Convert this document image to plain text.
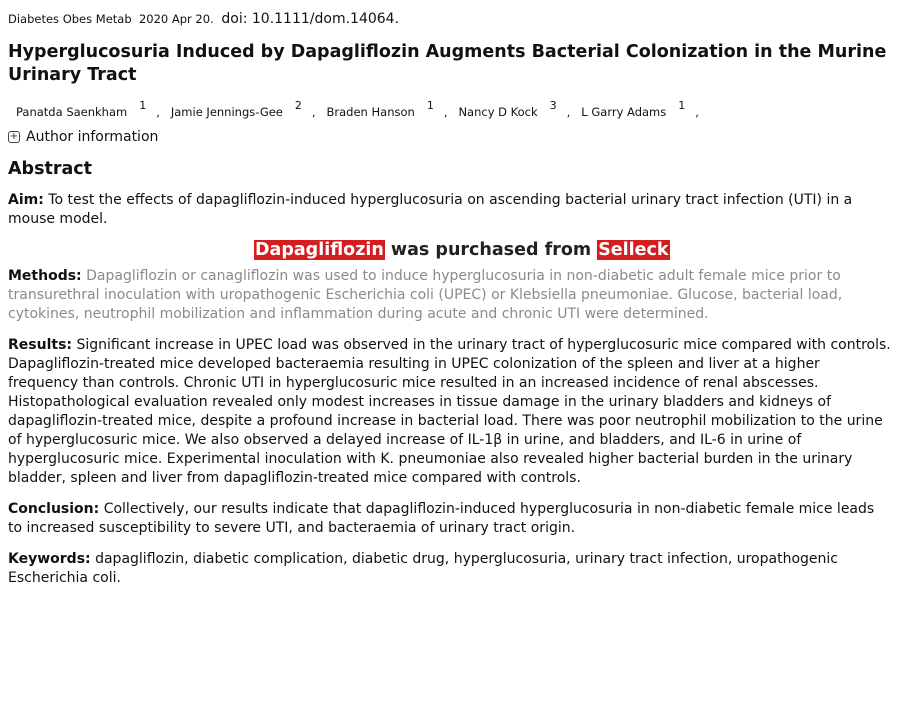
Diabetes Obes Metab 2020 Apr 20. doi: 10.1111/dom.14064.
Hyperglucosuria Induced by Dapagliflozin Augments Bacterial Colonization in the Murine Urinary Tract
Panatda Saenkham $^1$ ,   Jamie Jennings-Gee $^2$ ,   Braden Hanson $^1$ ,   Nancy D Kock $^3$ ,   L Garry Adams $^1$ ,
+ Author information
Abstract

Aim: To test the effects of dapagliflozin-induced hyperglucosuria on ascending bacterial urinary tract infection (UTI) in a mouse model.

Dapagliflozin was purchased from Selleck

Methods: Dapagliflozin or canagliflozin was used to induce hyperglucosuria in non-diabetic adult female mice prior to transurethral inoculation with uropathogenic Escherichia coli (UPEC) or Klebsiella pneumoniae. Glucose, bacterial load, cytokines, neutrophil mobilization and inflammation during acute and chronic UTI were determined.

Results: Significant increase in UPEC load was observed in the urinary tract of hyperglucosuric mice compared with controls. Dapagliflozin-treated mice developed bacteraemia resulting in UPEC colonization of the spleen and liver at a higher frequency than controls. Chronic UTI in hyperglucosuric mice resulted in an increased incidence of renal abscesses. Histopathological evaluation revealed only modest increases in tissue damage in the urinary bladders and kidneys of dapagliflozin-treated mice, despite a profound increase in bacterial load. There was poor neutrophil mobilization to the urine of hyperglucosuric mice. We also observed a delayed increase of IL-1β in urine, and bladders, and IL-6 in urine of hyperglucosuric mice. Experimental inoculation with K. pneumoniae also revealed higher bacterial burden in the urinary bladder, spleen and liver from dapagliflozin-treated mice compared with controls.

Conclusion: Collectively, our results indicate that dapagliflozin-induced hyperglucosuria in non-diabetic female mice leads to increased susceptibility to severe UTI, and bacteraemia of urinary tract origin.

Keywords: dapagliflozin, diabetic complication, diabetic drug, hyperglucosuria, urinary tract infection, uropathogenic Escherichia coli.
